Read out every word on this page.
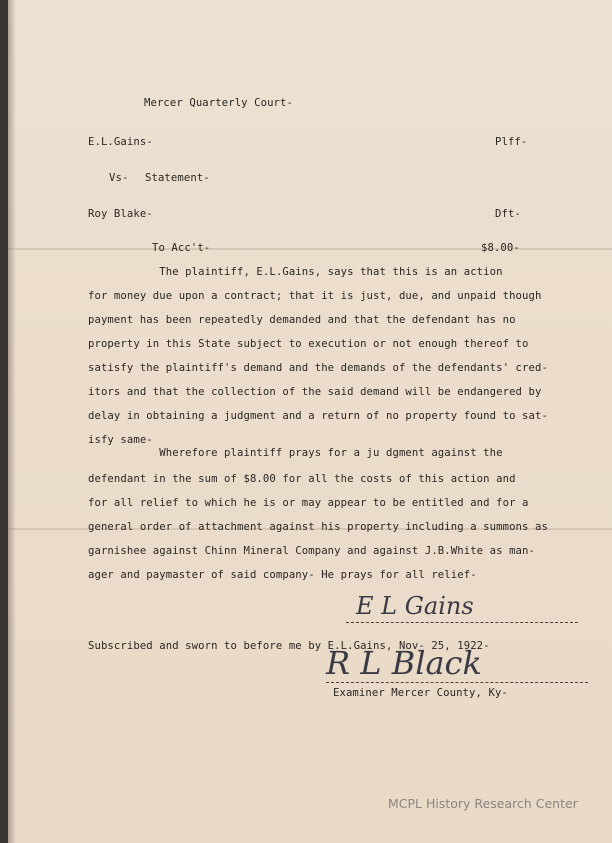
Mercer Quarterly Court-
E.L.Gains-	Plff-
Vs- Statement-
Roy Blake-	Dft-
To Acc't-	$8.00-
The plaintiff, E.L.Gains, says that this is an action
for money due upon a contract; that it is just, due, and unpaid though
payment has been repeatedly demanded and that the defendant has no
property in this State subject to execution or not enough thereof to
satisfy the plaintiff's demand and the demands of the defendants' cred-
itors and that the collection of the said demand will be endangered by
delay in obtaining a judgment and a return of no property found to sat-
isfy same-
Wherefore plaintiff prays for a ju dgment against the
defendant in the sum of $8.00 for all the costs of this action and
for all relief to which he is or may appear to be entitled and for a
general order of attachment against his property including a summons as
garnishee against Chinn Mineral Company and against J.B.White as man-
ager and paymaster of said company- He prays for all relief-
E L Gains
Subscribed and sworn to before me by E.L.Gains, Nov- 25, 1922-
R L Black
Examiner Mercer County, Ky-
MCPL History Research Center
